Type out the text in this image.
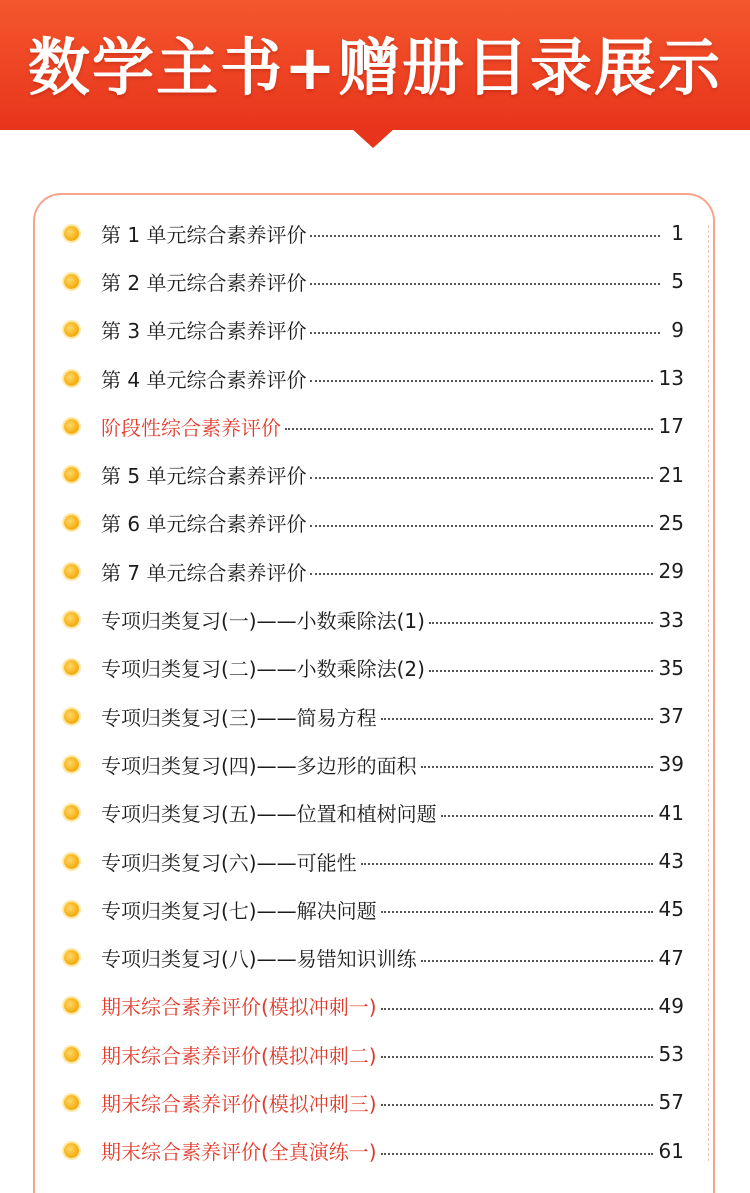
数学主书+赠册目录展示
第 1 单元综合素养评价	1
第 2 单元综合素养评价	5
第 3 单元综合素养评价	9
第 4 单元综合素养评价	13
阶段性综合素养评价	17
第 5 单元综合素养评价	21
第 6 单元综合素养评价	25
第 7 单元综合素养评价	29
专项归类复习(一)——小数乘除法(1)	33
专项归类复习(二)——小数乘除法(2)	35
专项归类复习(三)——简易方程	37
专项归类复习(四)——多边形的面积	39
专项归类复习(五)——位置和植树问题	41
专项归类复习(六)——可能性	43
专项归类复习(七)——解决问题	45
专项归类复习(八)——易错知识训练	47
期末综合素养评价(模拟冲刺一)	49
期末综合素养评价(模拟冲刺二)	53
期末综合素养评价(模拟冲刺三)	57
期末综合素养评价(全真演练一)	61
